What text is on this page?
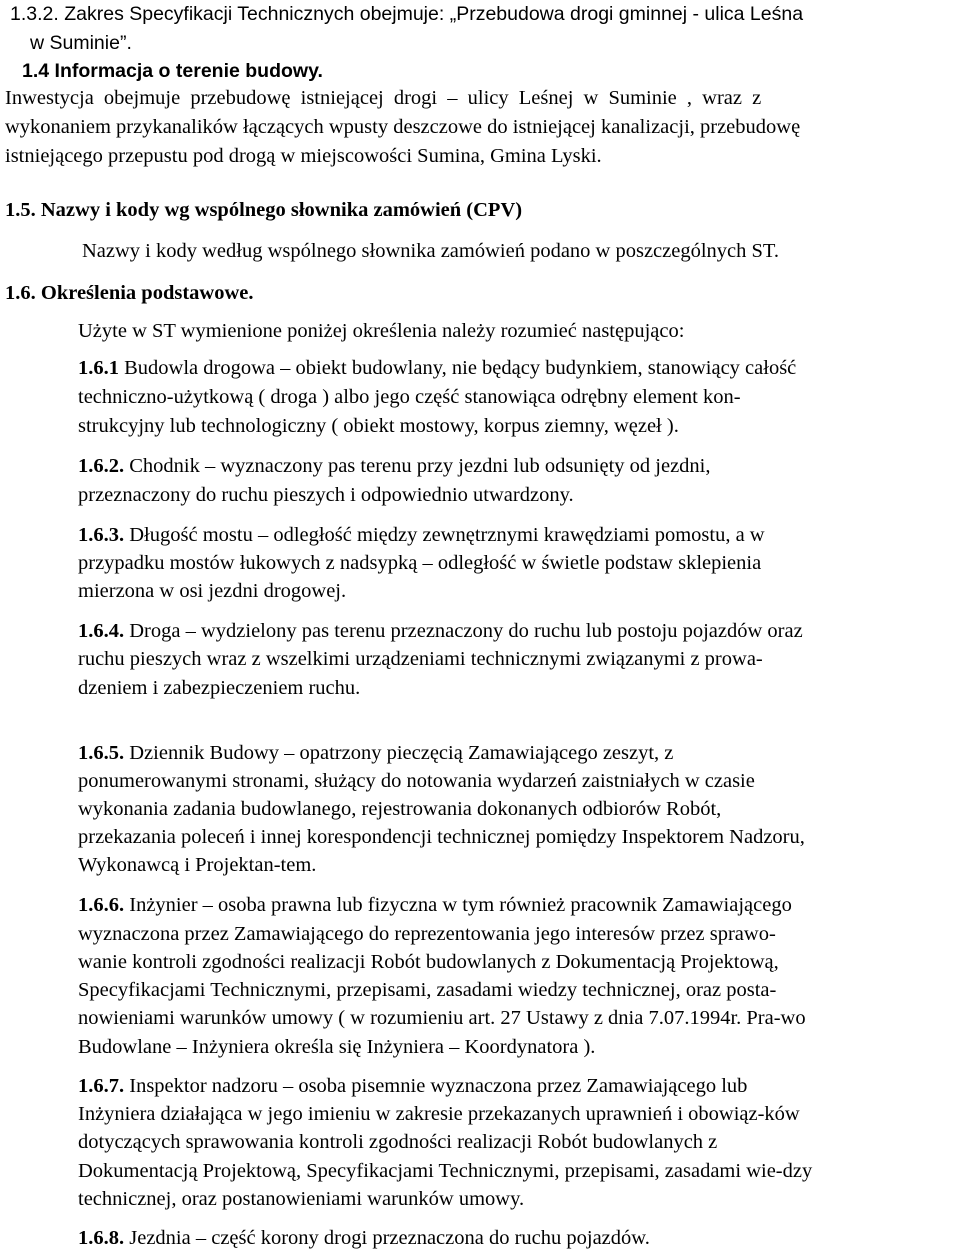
1.3.2. Zakres Specyfikacji Technicznych obejmuje: „Przebudowa drogi gminnej - ulica Leśna
w Suminie”.
1.4 Informacja o terenie budowy.
Inwestycja obejmuje przebudowę istniejącej drogi – ulicy Leśnej w Suminie , wraz z
wykonaniem przykanalików łączących wpusty deszczowe do istniejącej kanalizacji, przebudowę
istniejącego przepustu pod drogą w miejscowości Sumina, Gmina Lyski.
1.5. Nazwy i kody wg wspólnego słownika zamówień (CPV)
Nazwy i kody według wspólnego słownika zamówień podano w poszczególnych ST.
1.6. Określenia podstawowe.
Użyte w ST wymienione poniżej określenia należy rozumieć następująco:
1.6.1 Budowla drogowa – obiekt budowlany, nie będący budynkiem, stanowiący całość
techniczno-użytkową ( droga ) albo jego część stanowiąca odrębny element kon-
strukcyjny lub technologiczny ( obiekt mostowy, korpus ziemny, węzeł ).
1.6.2. Chodnik – wyznaczony pas terenu przy jezdni lub odsunięty od jezdni,
przeznaczony do ruchu pieszych i odpowiednio utwardzony.
1.6.3. Długość mostu – odległość między zewnętrznymi krawędziami pomostu, a w
przypadku mostów łukowych z nadsypką – odległość w świetle podstaw sklepienia
mierzona w osi jezdni drogowej.
1.6.4. Droga – wydzielony pas terenu przeznaczony do ruchu lub postoju pojazdów oraz
ruchu pieszych wraz z wszelkimi urządzeniami technicznymi związanymi z prowa-
dzeniem i zabezpieczeniem ruchu.
1.6.5. Dziennik Budowy – opatrzony pieczęcią Zamawiającego zeszyt, z
ponumerowanymi stronami, służący do notowania wydarzeń zaistniałych w czasie
wykonania zadania budowlanego, rejestrowania dokonanych odbiorów Robót,
przekazania poleceń i innej korespondencji technicznej pomiędzy Inspektorem Nadzoru,
Wykonawcą i Projektan-tem.
1.6.6. Inżynier – osoba prawna lub fizyczna w tym również pracownik Zamawiającego
wyznaczona przez Zamawiającego do reprezentowania jego interesów przez sprawo-
wanie kontroli zgodności realizacji Robót budowlanych z Dokumentacją Projektową,
Specyfikacjami Technicznymi, przepisami, zasadami wiedzy technicznej, oraz posta-
nowieniami warunków umowy ( w rozumieniu art. 27 Ustawy z dnia 7.07.1994r. Pra-wo
Budowlane – Inżyniera określa się Inżyniera – Koordynatora ).
1.6.7. Inspektor nadzoru – osoba pisemnie wyznaczona przez Zamawiającego lub
Inżyniera działająca w jego imieniu w zakresie przekazanych uprawnień i obowiąz-ków
dotyczących sprawowania kontroli zgodności realizacji Robót budowlanych z
Dokumentacją Projektową, Specyfikacjami Technicznymi, przepisami, zasadami wie-dzy
technicznej, oraz postanowieniami warunków umowy.
1.6.8. Jezdnia – część korony drogi przeznaczona do ruchu pojazdów.
